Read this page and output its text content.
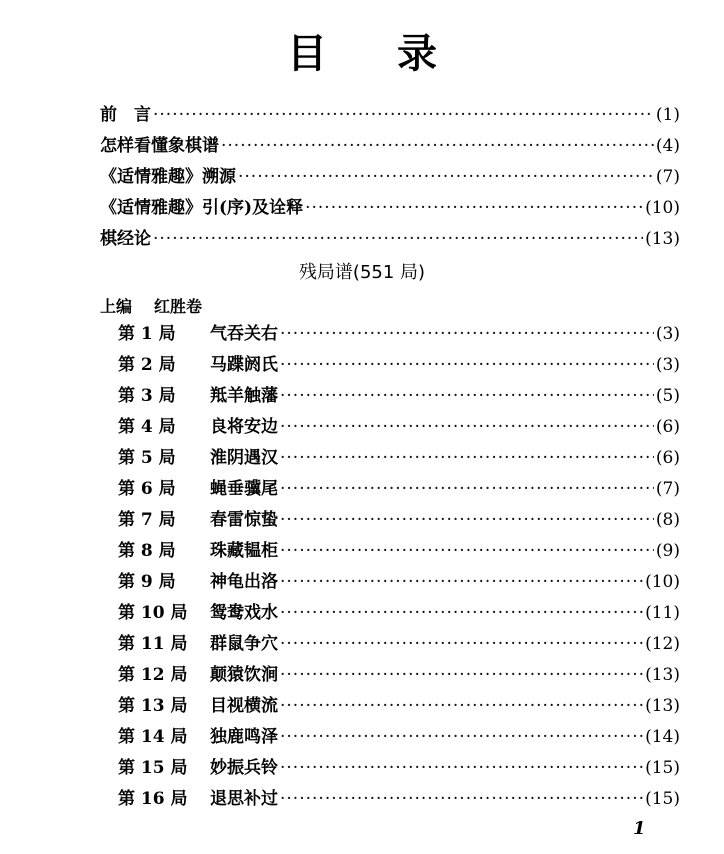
目 录
前　言 ·····	(1)
怎样看懂象棋谱 ·····	(4)
《适情雅趣》溯源 ·····	(7)
《适情雅趣》引(序)及诠释 ·····	(10)
棋经论 ·····	(13)
残局谱(551 局)
上编 红胜卷
第 1 局	气吞关右 ·····	(3)
第 2 局	马蹀阏氏 ·····	(3)
第 3 局	羝羊触藩 ·····	(5)
第 4 局	良将安边 ·····	(6)
第 5 局	淮阴遇汉 ·····	(6)
第 6 局	蝇垂骥尾 ·····	(7)
第 7 局	春雷惊蛰 ·····	(8)
第 8 局	珠藏韫柜 ·····	(9)
第 9 局	神龟出洛 ·····	(10)
第 10 局	鸳鸯戏水 ·····	(11)
第 11 局	群鼠争穴 ·····	(12)
第 12 局	颠猿饮涧 ·····	(13)
第 13 局	目视横流 ·····	(13)
第 14 局	独鹿鸣泽 ·····	(14)
第 15 局	妙振兵铃 ·····	(15)
第 16 局	退思补过 ·····	(15)
1
